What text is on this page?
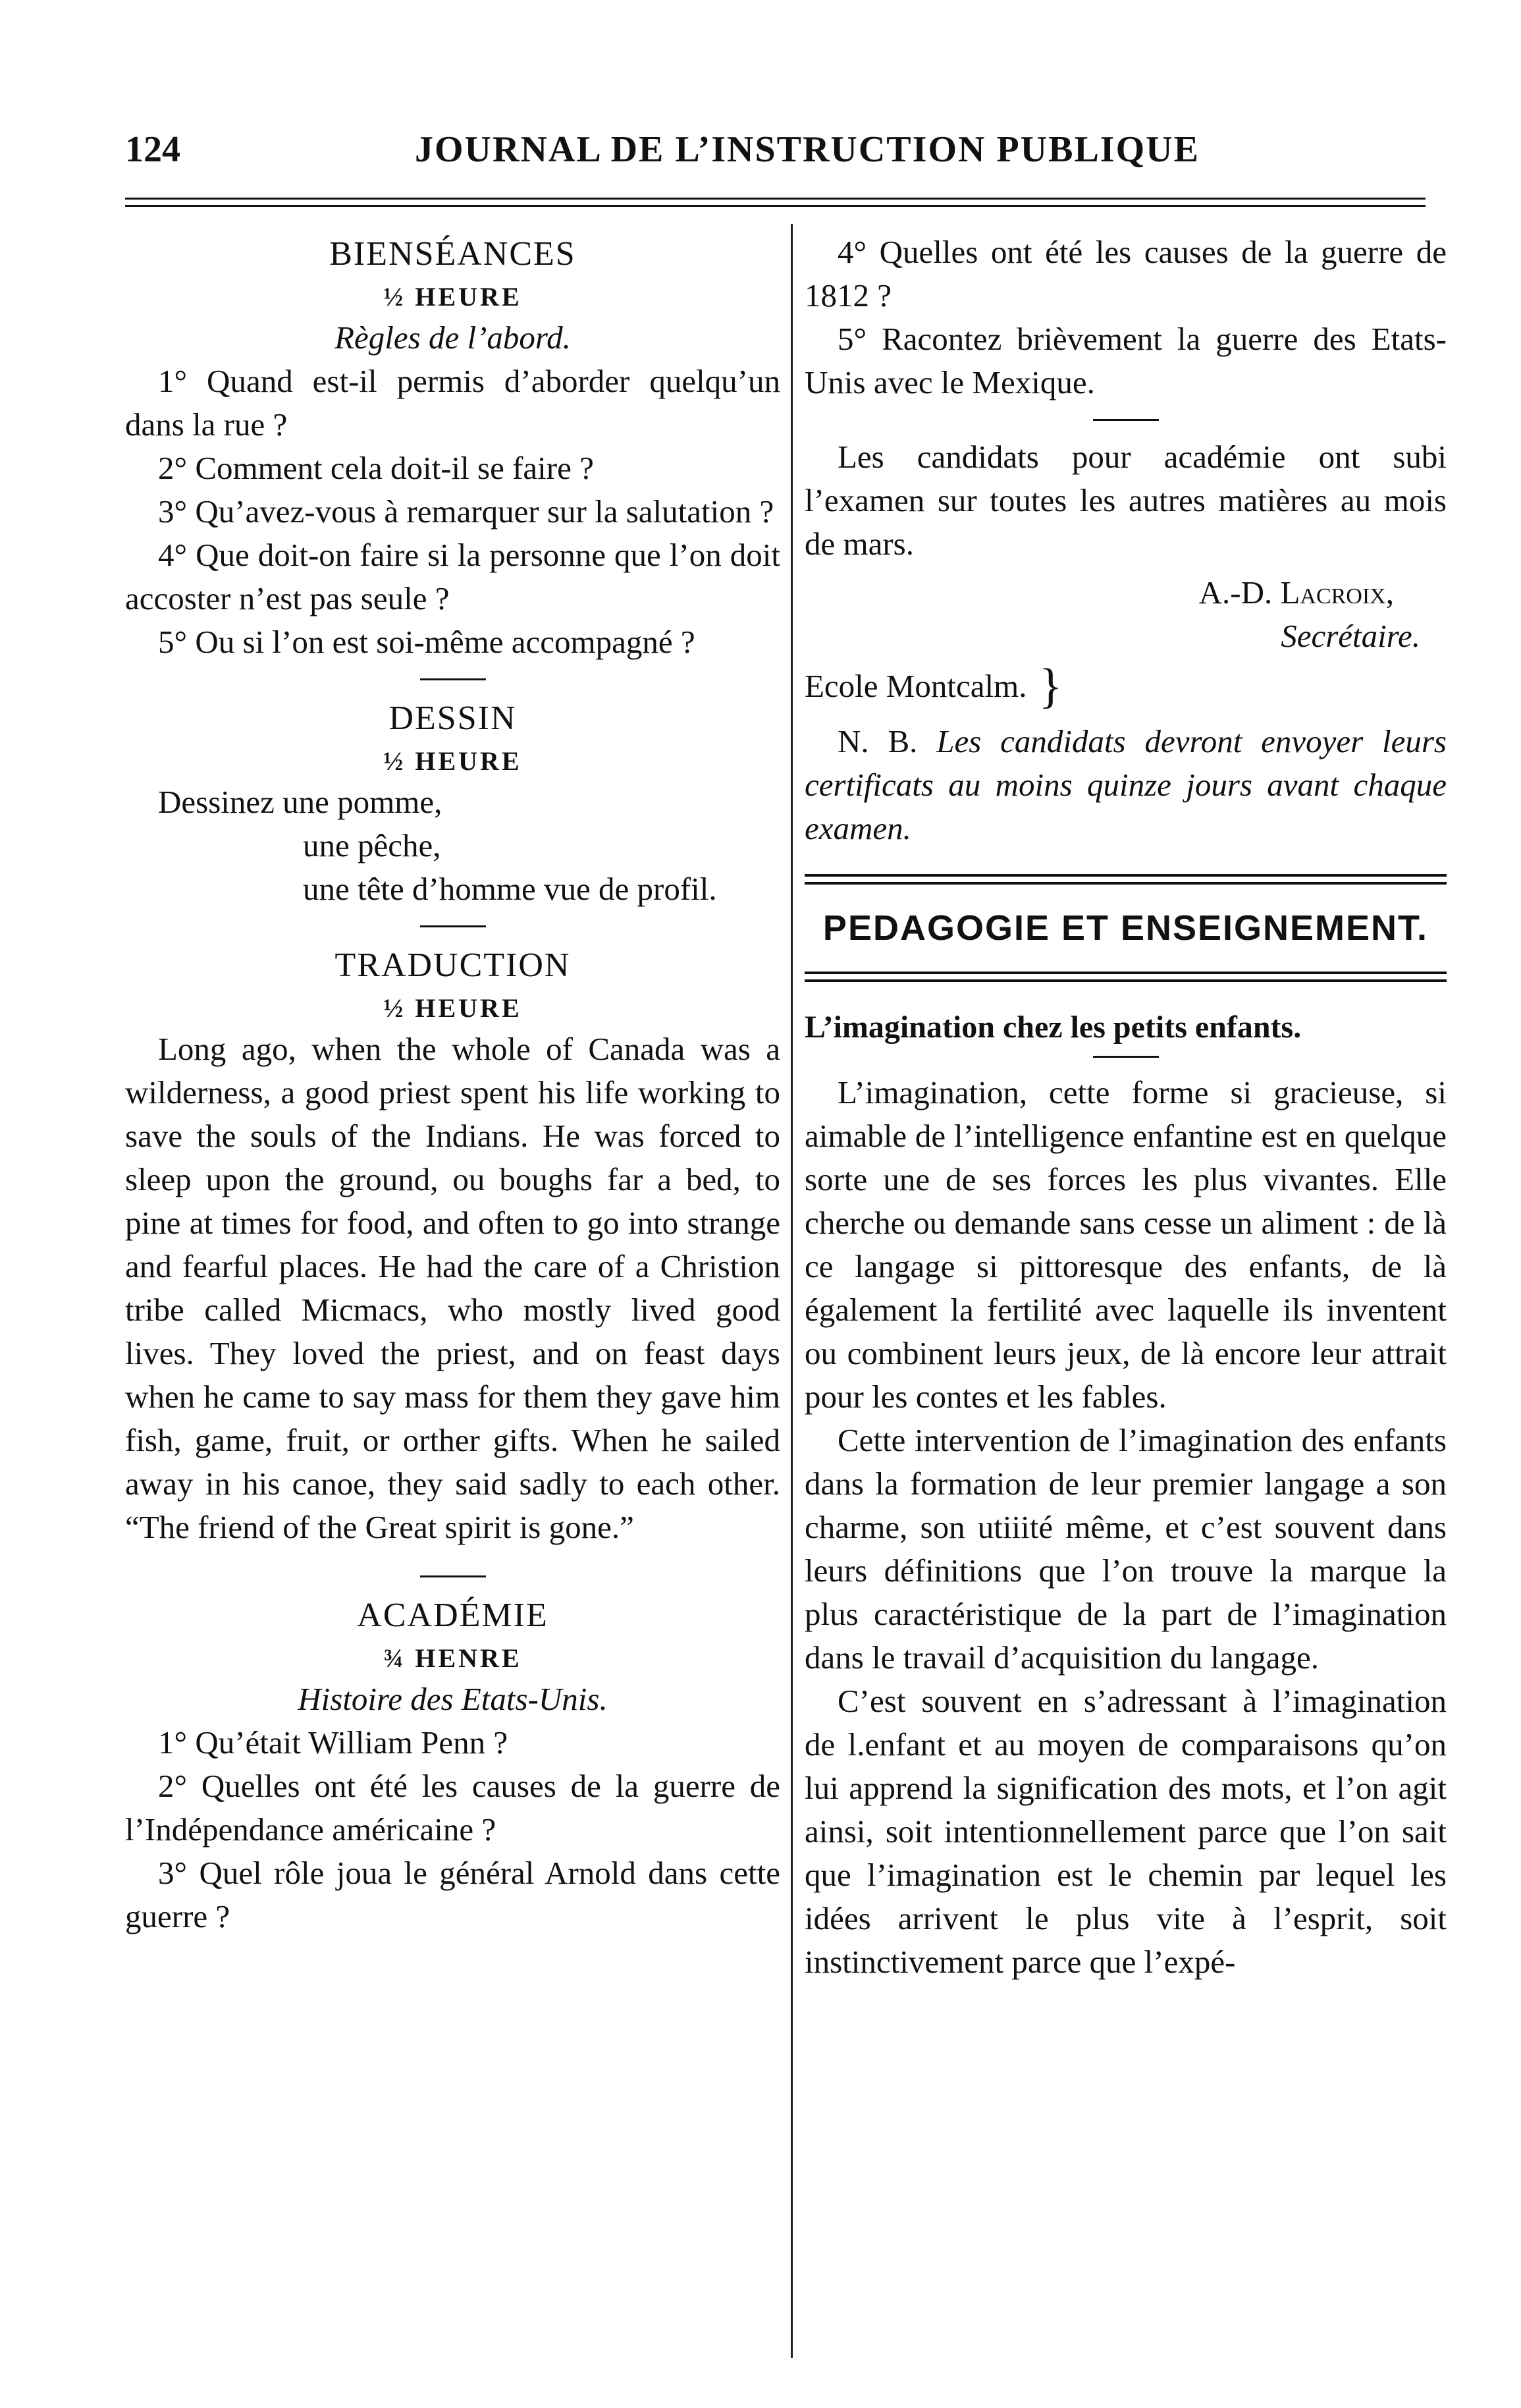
124	JOURNAL DE L’INSTRUCTION PUBLIQUE

BIENSÉANCES

½ HEURE

Règles de l’abord.

1° Quand est-il permis d’aborder quelqu’un dans la rue ?

2° Comment cela doit-il se faire ?

3° Qu’avez-vous à remarquer sur la salutation ?

4° Que doit-on faire si la personne que l’on doit accoster n’est pas seule ?

5° Ou si l’on est soi-même accompagné ?

DESSIN

½ HEURE

Dessinez une pomme,

une pêche,

une tête d’homme vue de profil.

TRADUCTION

½ HEURE

Long ago, when the whole of Canada was a wilderness, a good priest spent his life working to save the souls of the Indians. He was forced to sleep upon the ground, ou boughs far a bed, to pine at times for food, and often to go into strange and fearful places. He had the care of a Christion tribe called Micmacs, who mostly lived good lives. They loved the priest, and on feast days when he came to say mass for them they gave him fish, game, fruit, or orther gifts. When he sailed away in his canoe, they said sadly to each other. “The friend of the Great spirit is gone.”

ACADÉMIE

¾ HENRE

Histoire des Etats-Unis.

1° Qu’était William Penn ?

2° Quelles ont été les causes de la guerre de l’Indépendance américaine ?

3° Quel rôle joua le général Arnold dans cette guerre ?

4° Quelles ont été les causes de la guerre de 1812 ?

5° Racontez brièvement la guerre des Etats-Unis avec le Mexique.

Les candidats pour académie ont subi l’examen sur toutes les autres matières au mois de mars.

A.-D. Lacroix,

Secrétaire.

Ecole Montcalm. }

N. B. Les candidats devront envoyer leurs certificats au moins quinze jours avant chaque examen.

PEDAGOGIE ET ENSEIGNEMENT.

L’imagination chez les petits enfants.

L’imagination, cette forme si gracieuse, si aimable de l’intelligence enfantine est en quelque sorte une de ses forces les plus vivantes. Elle cherche ou demande sans cesse un aliment : de là ce langage si pittoresque des enfants, de là également la fertilité avec laquelle ils inventent ou combinent leurs jeux, de là encore leur attrait pour les contes et les fables.

Cette intervention de l’imagination des enfants dans la formation de leur premier langage a son charme, son utiiité même, et c’est souvent dans leurs définitions que l’on trouve la marque la plus caractéristique de la part de l’imagination dans le travail d’acquisition du langage.

C’est souvent en s’adressant à l’imagination de l.enfant et au moyen de comparaisons qu’on lui apprend la signification des mots, et l’on agit ainsi, soit intentionnellement parce que l’on sait que l’imagination est le chemin par lequel les idées arrivent le plus vite à l’esprit, soit instinctivement parce que l’expé-
